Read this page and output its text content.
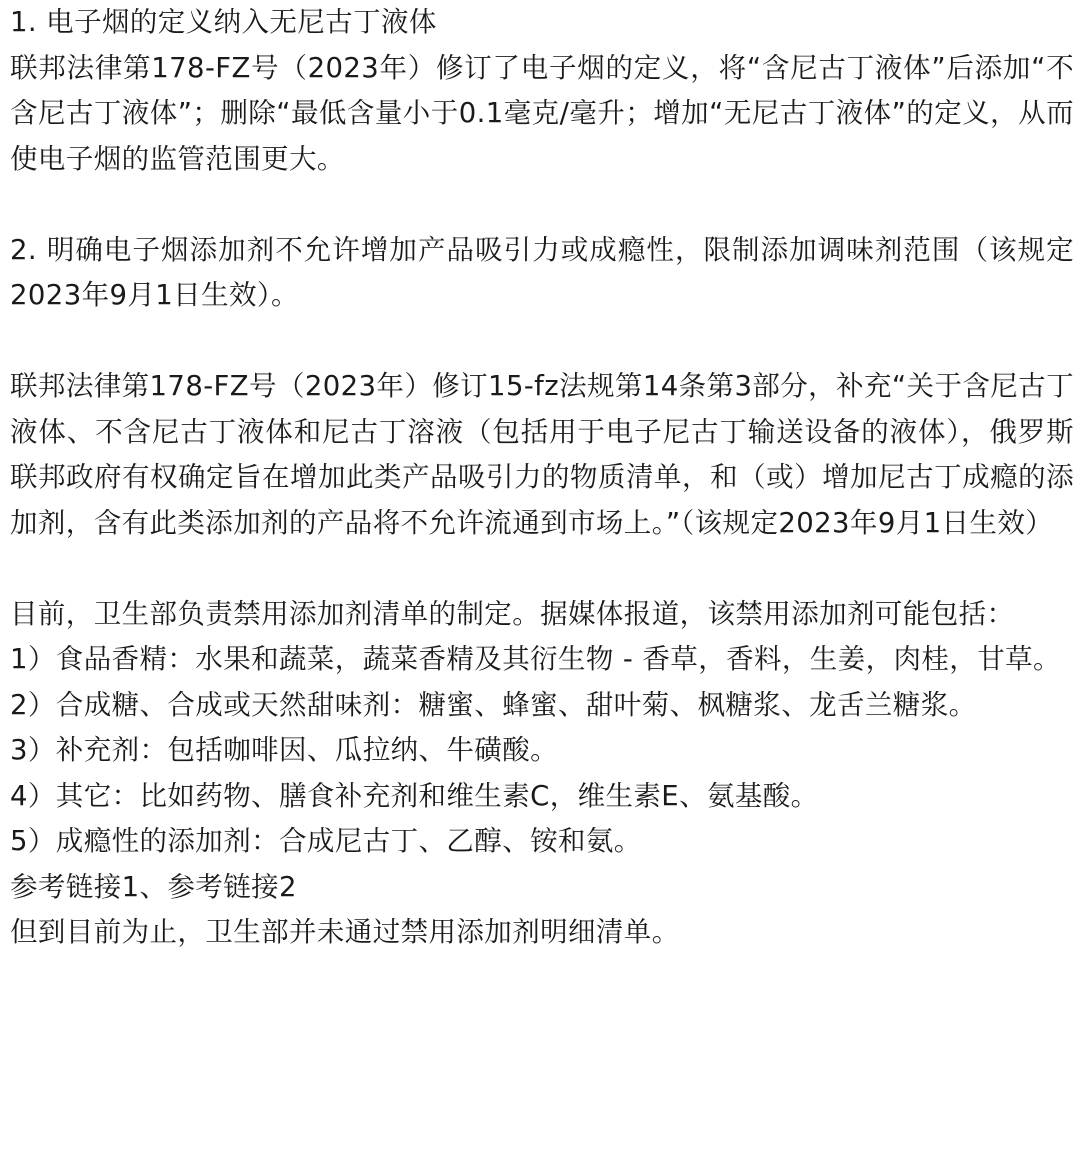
1. 电子烟的定义纳入无尼古丁液体

联邦法律第178-FZ号（2023年）修订了电子烟的定义，将“含尼古丁液体”后添加“不含尼古丁液体”；删除“最低含量小于0.1毫克/毫升；增加“无尼古丁液体”的定义，从而使电子烟的监管范围更大。

2. 明确电子烟添加剂不允许增加产品吸引力或成瘾性，限制添加调味剂范围（该规定2023年9月1日生效）。

联邦法律第178-FZ号（2023年）修订15-fz法规第14条第3部分，补充“关于含尼古丁液体、不含尼古丁液体和尼古丁溶液（包括用于电子尼古丁输送设备的液体），俄罗斯联邦政府有权确定旨在增加此类产品吸引力的物质清单，和（或）增加尼古丁成瘾的添加剂，含有此类添加剂的产品将不允许流通到市场上。”（该规定2023年9月1日生效）

目前，卫生部负责禁用添加剂清单的制定。据媒体报道，该禁用添加剂可能包括：

1）食品香精：水果和蔬菜，蔬菜香精及其衍生物 - 香草，香料，生姜，肉桂，甘草。

2）合成糖、合成或天然甜味剂：糖蜜、蜂蜜、甜叶菊、枫糖浆、龙舌兰糖浆。

3）补充剂：包括咖啡因、瓜拉纳、牛磺酸。

4）其它：比如药物、膳食补充剂和维生素C，维生素E、氨基酸。

5）成瘾性的添加剂：合成尼古丁、乙醇、铵和氨。

参考链接1、参考链接2

但到目前为止，卫生部并未通过禁用添加剂明细清单。
